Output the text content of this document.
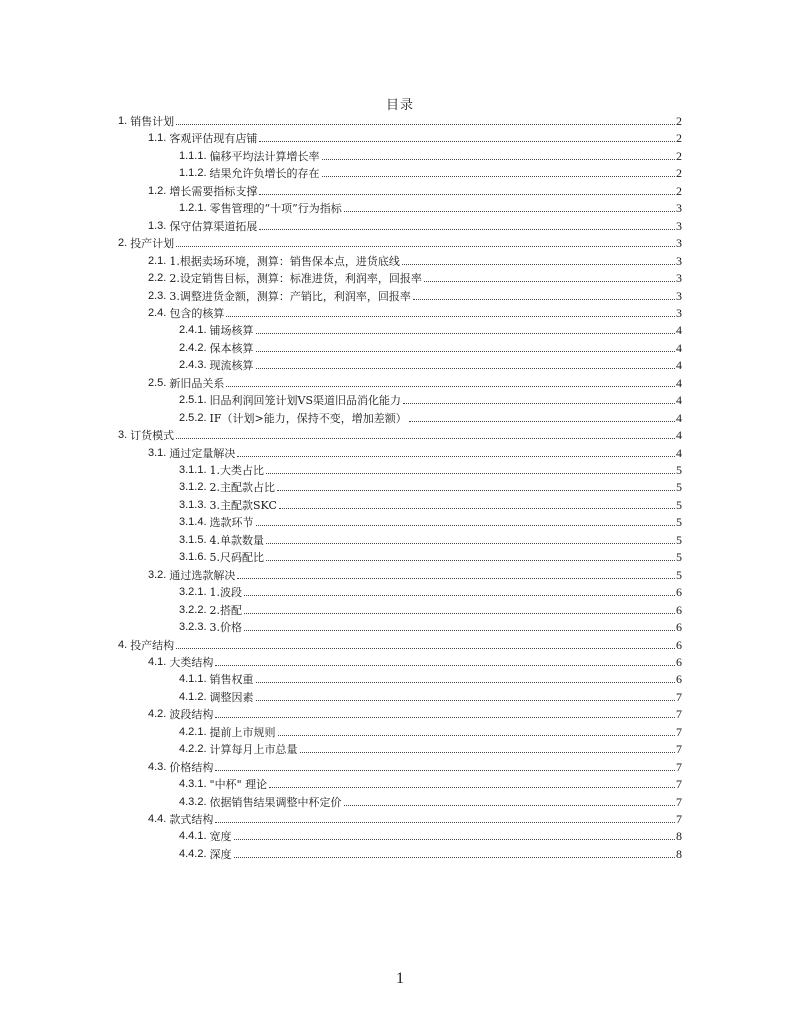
目录
1. 销售计划	2
1.1. 客观评估现有店铺	2
1.1.1. 偏移平均法计算增长率	2
1.1.2. 结果允许负增长的存在	2
1.2. 增长需要指标支撑	2
1.2.1. 零售管理的“十项”行为指标	3
1.3. 保守估算渠道拓展	3
2. 投产计划	3
2.1. 1.根据卖场环境，测算：销售保本点，进货底线	3
2.2. 2.设定销售目标，测算：标准进货，利润率，回报率	3
2.3. 3.调整进货金额，测算：产销比，利润率，回报率	3
2.4. 包含的核算	3
2.4.1. 铺场核算	4
2.4.2. 保本核算	4
2.4.3. 现流核算	4
2.5. 新旧品关系	4
2.5.1. 旧品利润回笼计划VS渠道旧品消化能力	4
2.5.2. IF（计划>能力，保持不变，增加差额）	4
3. 订货模式	4
3.1. 通过定量解决	4
3.1.1. 1.大类占比	5
3.1.2. 2.主配款占比	5
3.1.3. 3.主配款SKC	5
3.1.4. 选款环节	5
3.1.5. 4.单款数量	5
3.1.6. 5.尺码配比	5
3.2. 通过选款解决	5
3.2.1. 1.波段	6
3.2.2. 2.搭配	6
3.2.3. 3.价格	6
4. 投产结构	6
4.1. 大类结构	6
4.1.1. 销售权重	6
4.1.2. 调整因素	7
4.2. 波段结构	7
4.2.1. 提前上市规则	7
4.2.2. 计算每月上市总量	7
4.3. 价格结构	7
4.3.1. "中杯" 理论	7
4.3.2. 依据销售结果调整中杯定价	7
4.4. 款式结构	7
4.4.1. 宽度	8
4.4.2. 深度	8
1
